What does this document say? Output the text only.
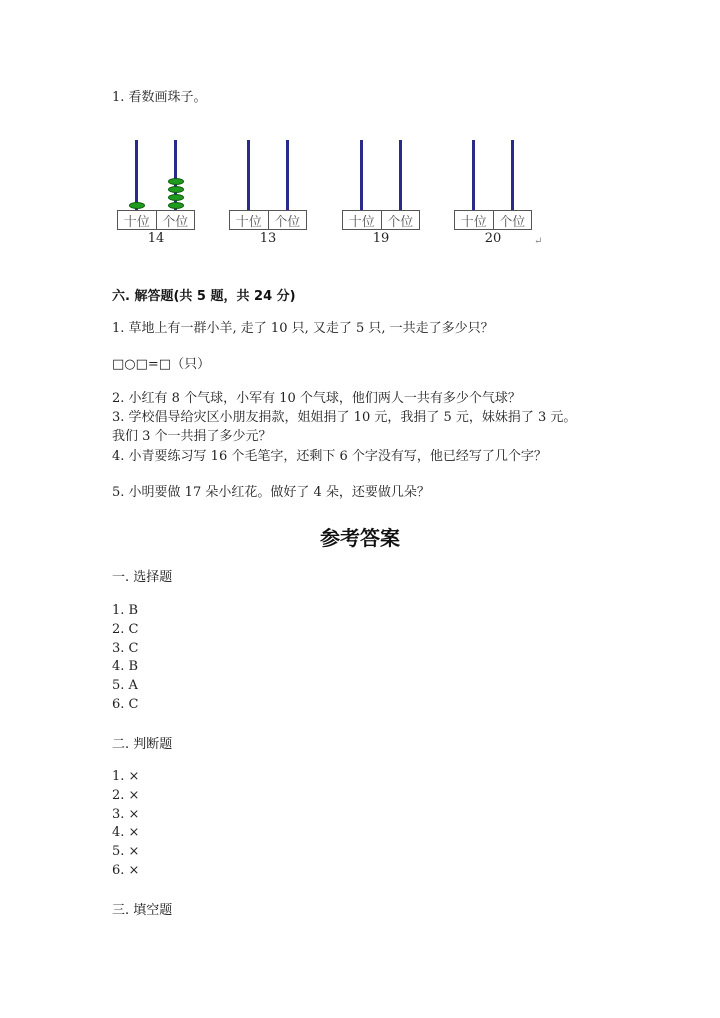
1. 看数画珠子。
十位 个位
14
十位 个位
13
十位 个位
19
十位 个位
20	↵
六. 解答题(共 5 题，共 24 分)
1. 草地上有一群小羊, 走了 10 只, 又走了 5 只, 一共走了多少只？
□○□=□（只）
2. 小红有 8 个气球，小军有 10 个气球，他们两人一共有多少个气球？
3. 学校倡导给灾区小朋友捐款，姐姐捐了 10 元，我捐了 5 元，妹妹捐了 3 元。
我们 3 个一共捐了多少元？
4. 小青要练习写 16 个毛笔字，还剩下 6 个字没有写，他已经写了几个字？
5. 小明要做 17 朵小红花。做好了 4 朵，还要做几朵？
参考答案
一. 选择题
1. B
2. C
3. C
4. B
5. A
6. C
二. 判断题
1. ×
2. ×
3. ×
4. ×
5. ×
6. ×
三. 填空题
